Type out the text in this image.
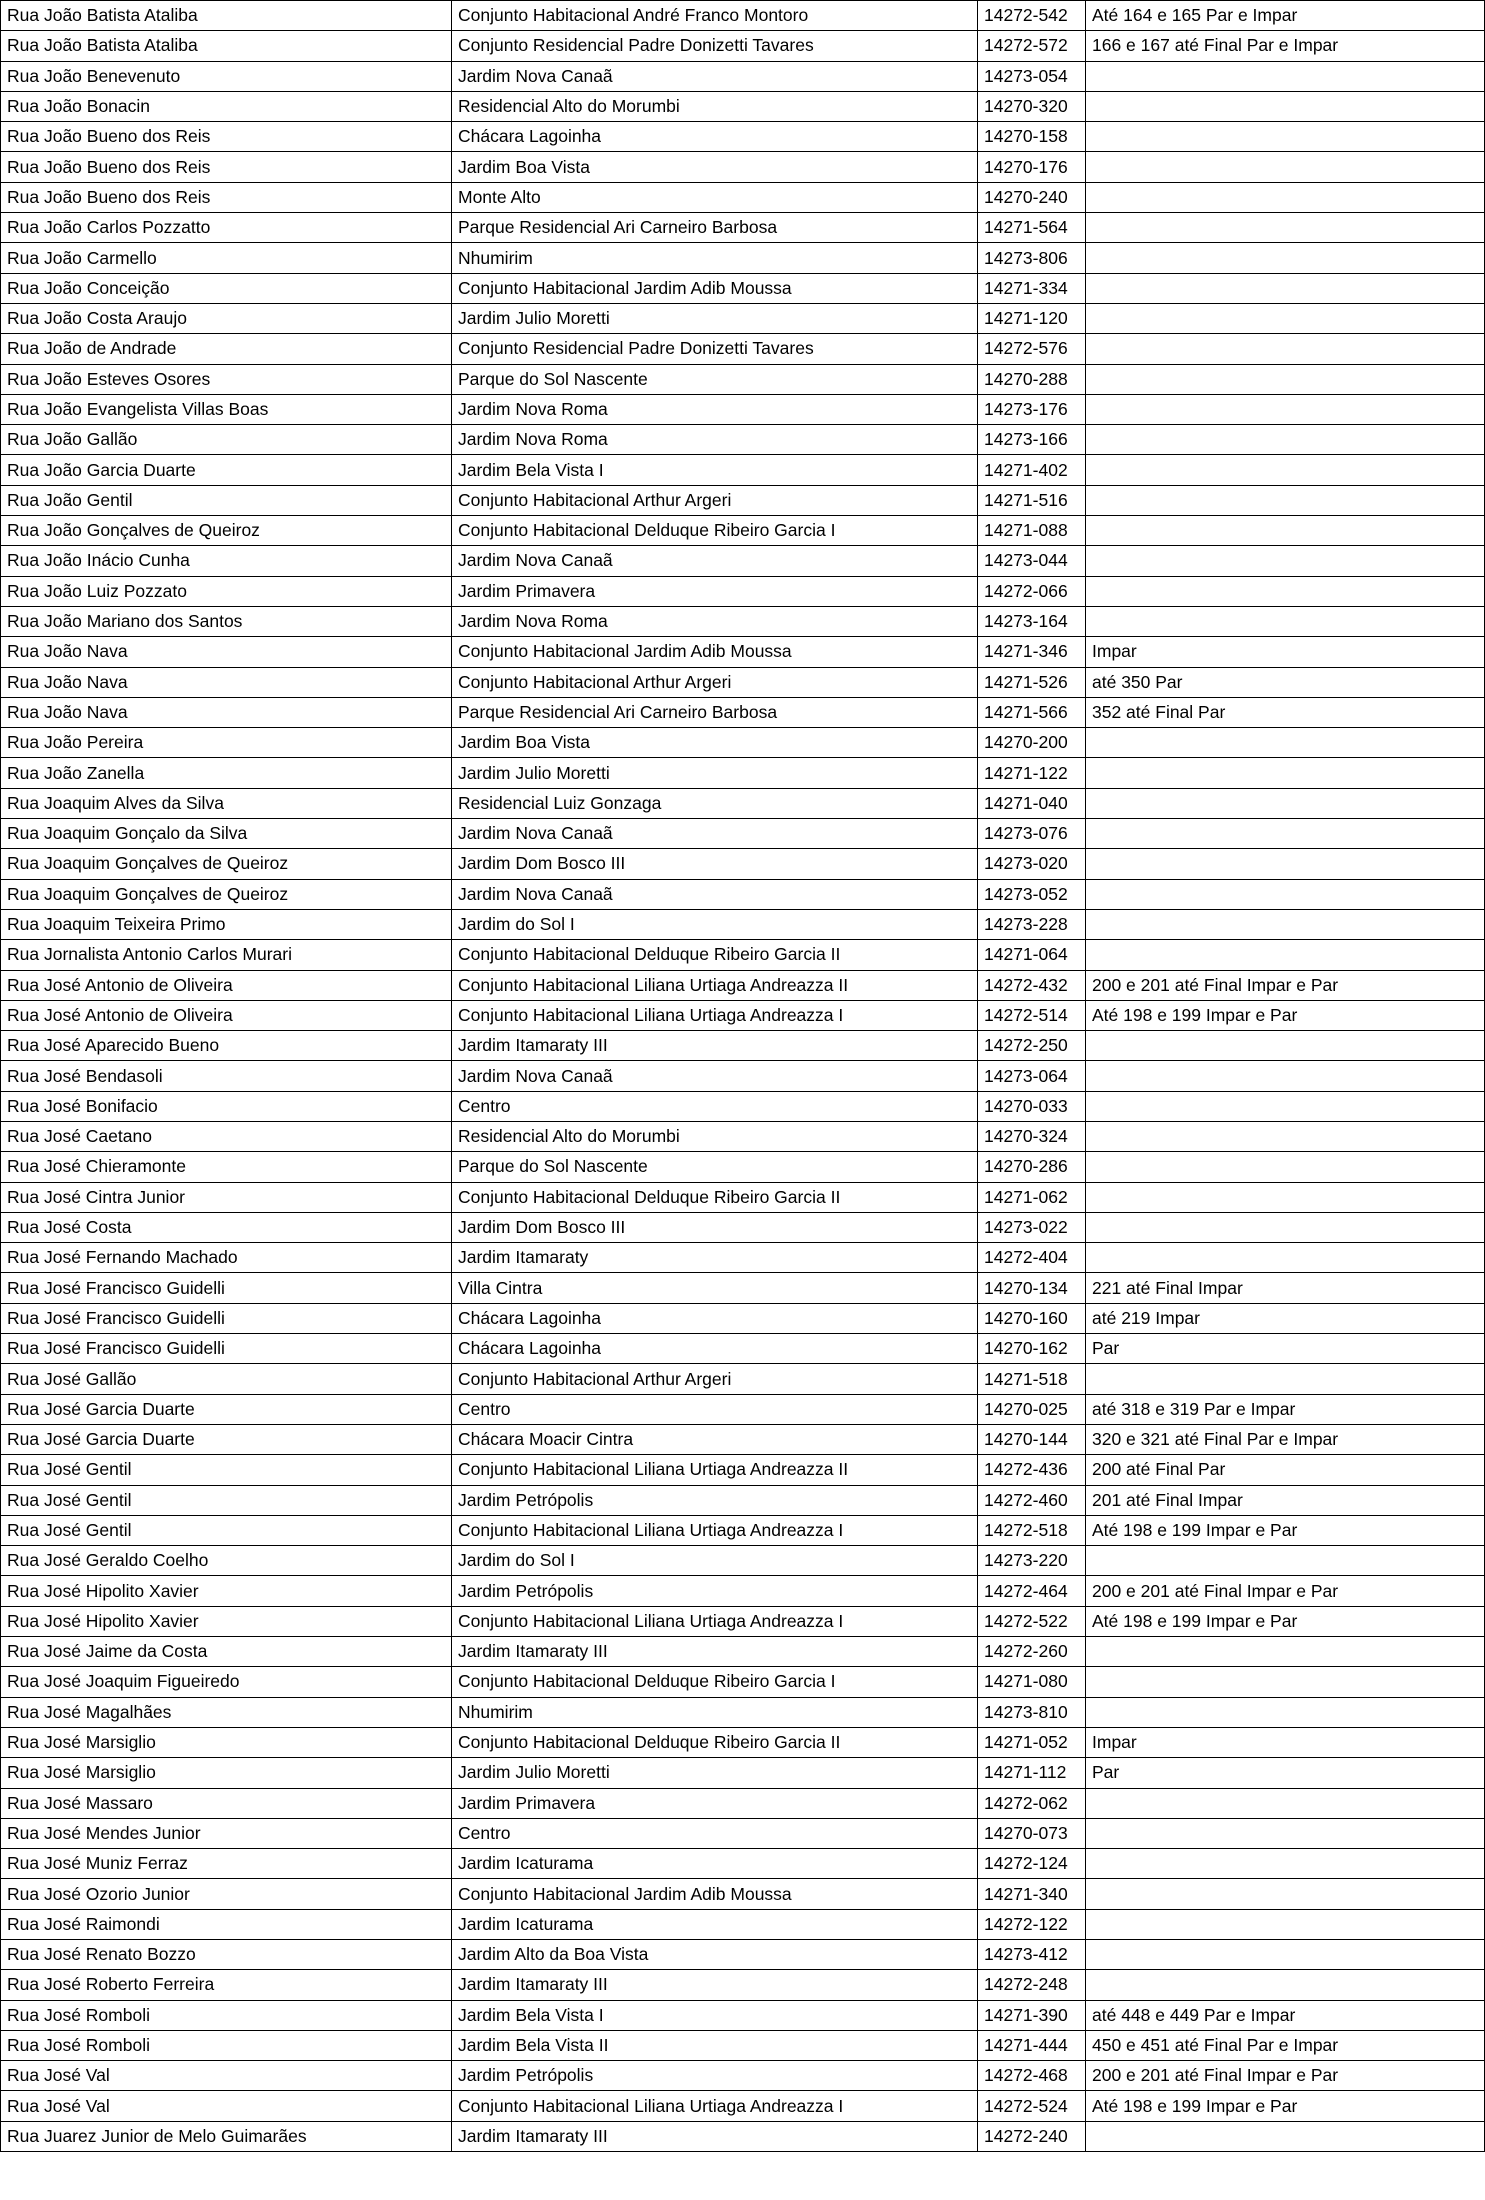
Rua João Batista Ataliba	Conjunto Habitacional André Franco Montoro	14272-542	Até 164 e 165 Par e Impar
Rua João Batista Ataliba	Conjunto Residencial Padre Donizetti Tavares	14272-572	166 e 167 até Final Par e Impar
Rua João Benevenuto	Jardim Nova Canaã	14273-054	
Rua João Bonacin	Residencial Alto do Morumbi	14270-320	
Rua João Bueno dos Reis	Chácara Lagoinha	14270-158	
Rua João Bueno dos Reis	Jardim Boa Vista	14270-176	
Rua João Bueno dos Reis	Monte Alto	14270-240	
Rua João Carlos Pozzatto	Parque Residencial Ari Carneiro Barbosa	14271-564	
Rua João Carmello	Nhumirim	14273-806	
Rua João Conceição	Conjunto Habitacional Jardim Adib Moussa	14271-334	
Rua João Costa Araujo	Jardim Julio Moretti	14271-120	
Rua João de Andrade	Conjunto Residencial Padre Donizetti Tavares	14272-576	
Rua João Esteves Osores	Parque do Sol Nascente	14270-288	
Rua João Evangelista Villas Boas	Jardim Nova Roma	14273-176	
Rua João Gallão	Jardim Nova Roma	14273-166	
Rua João Garcia Duarte	Jardim Bela Vista I	14271-402	
Rua João Gentil	Conjunto Habitacional Arthur Argeri	14271-516	
Rua João Gonçalves de Queiroz	Conjunto Habitacional Delduque Ribeiro Garcia I	14271-088	
Rua João Inácio Cunha	Jardim Nova Canaã	14273-044	
Rua João Luiz Pozzato	Jardim Primavera	14272-066	
Rua João Mariano dos Santos	Jardim Nova Roma	14273-164	
Rua João Nava	Conjunto Habitacional Jardim Adib Moussa	14271-346	Impar
Rua João Nava	Conjunto Habitacional Arthur Argeri	14271-526	até 350 Par
Rua João Nava	Parque Residencial Ari Carneiro Barbosa	14271-566	352 até Final Par
Rua João Pereira	Jardim Boa Vista	14270-200	
Rua João Zanella	Jardim Julio Moretti	14271-122	
Rua Joaquim Alves da Silva	Residencial Luiz Gonzaga	14271-040	
Rua Joaquim Gonçalo da Silva	Jardim Nova Canaã	14273-076	
Rua Joaquim Gonçalves de Queiroz	Jardim Dom Bosco III	14273-020	
Rua Joaquim Gonçalves de Queiroz	Jardim Nova Canaã	14273-052	
Rua Joaquim Teixeira Primo	Jardim do Sol I	14273-228	
Rua Jornalista Antonio Carlos Murari	Conjunto Habitacional Delduque Ribeiro Garcia II	14271-064	
Rua José Antonio de Oliveira	Conjunto Habitacional Liliana Urtiaga Andreazza II	14272-432	200 e 201 até Final Impar e Par
Rua José Antonio de Oliveira	Conjunto Habitacional Liliana Urtiaga Andreazza I	14272-514	Até 198 e 199 Impar e Par
Rua José Aparecido Bueno	Jardim Itamaraty III	14272-250	
Rua José Bendasoli	Jardim Nova Canaã	14273-064	
Rua José Bonifacio	Centro	14270-033	
Rua José Caetano	Residencial Alto do Morumbi	14270-324	
Rua José Chieramonte	Parque do Sol Nascente	14270-286	
Rua José Cintra Junior	Conjunto Habitacional Delduque Ribeiro Garcia II	14271-062	
Rua José Costa	Jardim Dom Bosco III	14273-022	
Rua José Fernando Machado	Jardim Itamaraty	14272-404	
Rua José Francisco Guidelli	Villa Cintra	14270-134	221 até Final Impar
Rua José Francisco Guidelli	Chácara Lagoinha	14270-160	até 219 Impar
Rua José Francisco Guidelli	Chácara Lagoinha	14270-162	Par
Rua José Gallão	Conjunto Habitacional Arthur Argeri	14271-518	
Rua José Garcia Duarte	Centro	14270-025	até 318 e 319 Par e Impar
Rua José Garcia Duarte	Chácara Moacir Cintra	14270-144	320 e 321 até Final Par e Impar
Rua José Gentil	Conjunto Habitacional Liliana Urtiaga Andreazza II	14272-436	200 até Final Par
Rua José Gentil	Jardim Petrópolis	14272-460	201 até Final Impar
Rua José Gentil	Conjunto Habitacional Liliana Urtiaga Andreazza I	14272-518	Até 198 e 199 Impar e Par
Rua José Geraldo Coelho	Jardim do Sol I	14273-220	
Rua José Hipolito Xavier	Jardim Petrópolis	14272-464	200 e 201 até Final Impar e Par
Rua José Hipolito Xavier	Conjunto Habitacional Liliana Urtiaga Andreazza I	14272-522	Até 198 e 199 Impar e Par
Rua José Jaime da Costa	Jardim Itamaraty III	14272-260	
Rua José Joaquim Figueiredo	Conjunto Habitacional Delduque Ribeiro Garcia I	14271-080	
Rua José Magalhães	Nhumirim	14273-810	
Rua José Marsiglio	Conjunto Habitacional Delduque Ribeiro Garcia II	14271-052	Impar
Rua José Marsiglio	Jardim Julio Moretti	14271-112	Par
Rua José Massaro	Jardim Primavera	14272-062	
Rua José Mendes Junior	Centro	14270-073	
Rua José Muniz Ferraz	Jardim Icaturama	14272-124	
Rua José Ozorio Junior	Conjunto Habitacional Jardim Adib Moussa	14271-340	
Rua José Raimondi	Jardim Icaturama	14272-122	
Rua José Renato Bozzo	Jardim Alto da Boa Vista	14273-412	
Rua José Roberto Ferreira	Jardim Itamaraty III	14272-248	
Rua José Romboli	Jardim Bela Vista I	14271-390	até 448 e 449 Par e Impar
Rua José Romboli	Jardim Bela Vista II	14271-444	450 e 451 até Final Par e Impar
Rua José Val	Jardim Petrópolis	14272-468	200 e 201 até Final Impar e Par
Rua José Val	Conjunto Habitacional Liliana Urtiaga Andreazza I	14272-524	Até 198 e 199 Impar e Par
Rua Juarez Junior de Melo Guimarães	Jardim Itamaraty III	14272-240	
